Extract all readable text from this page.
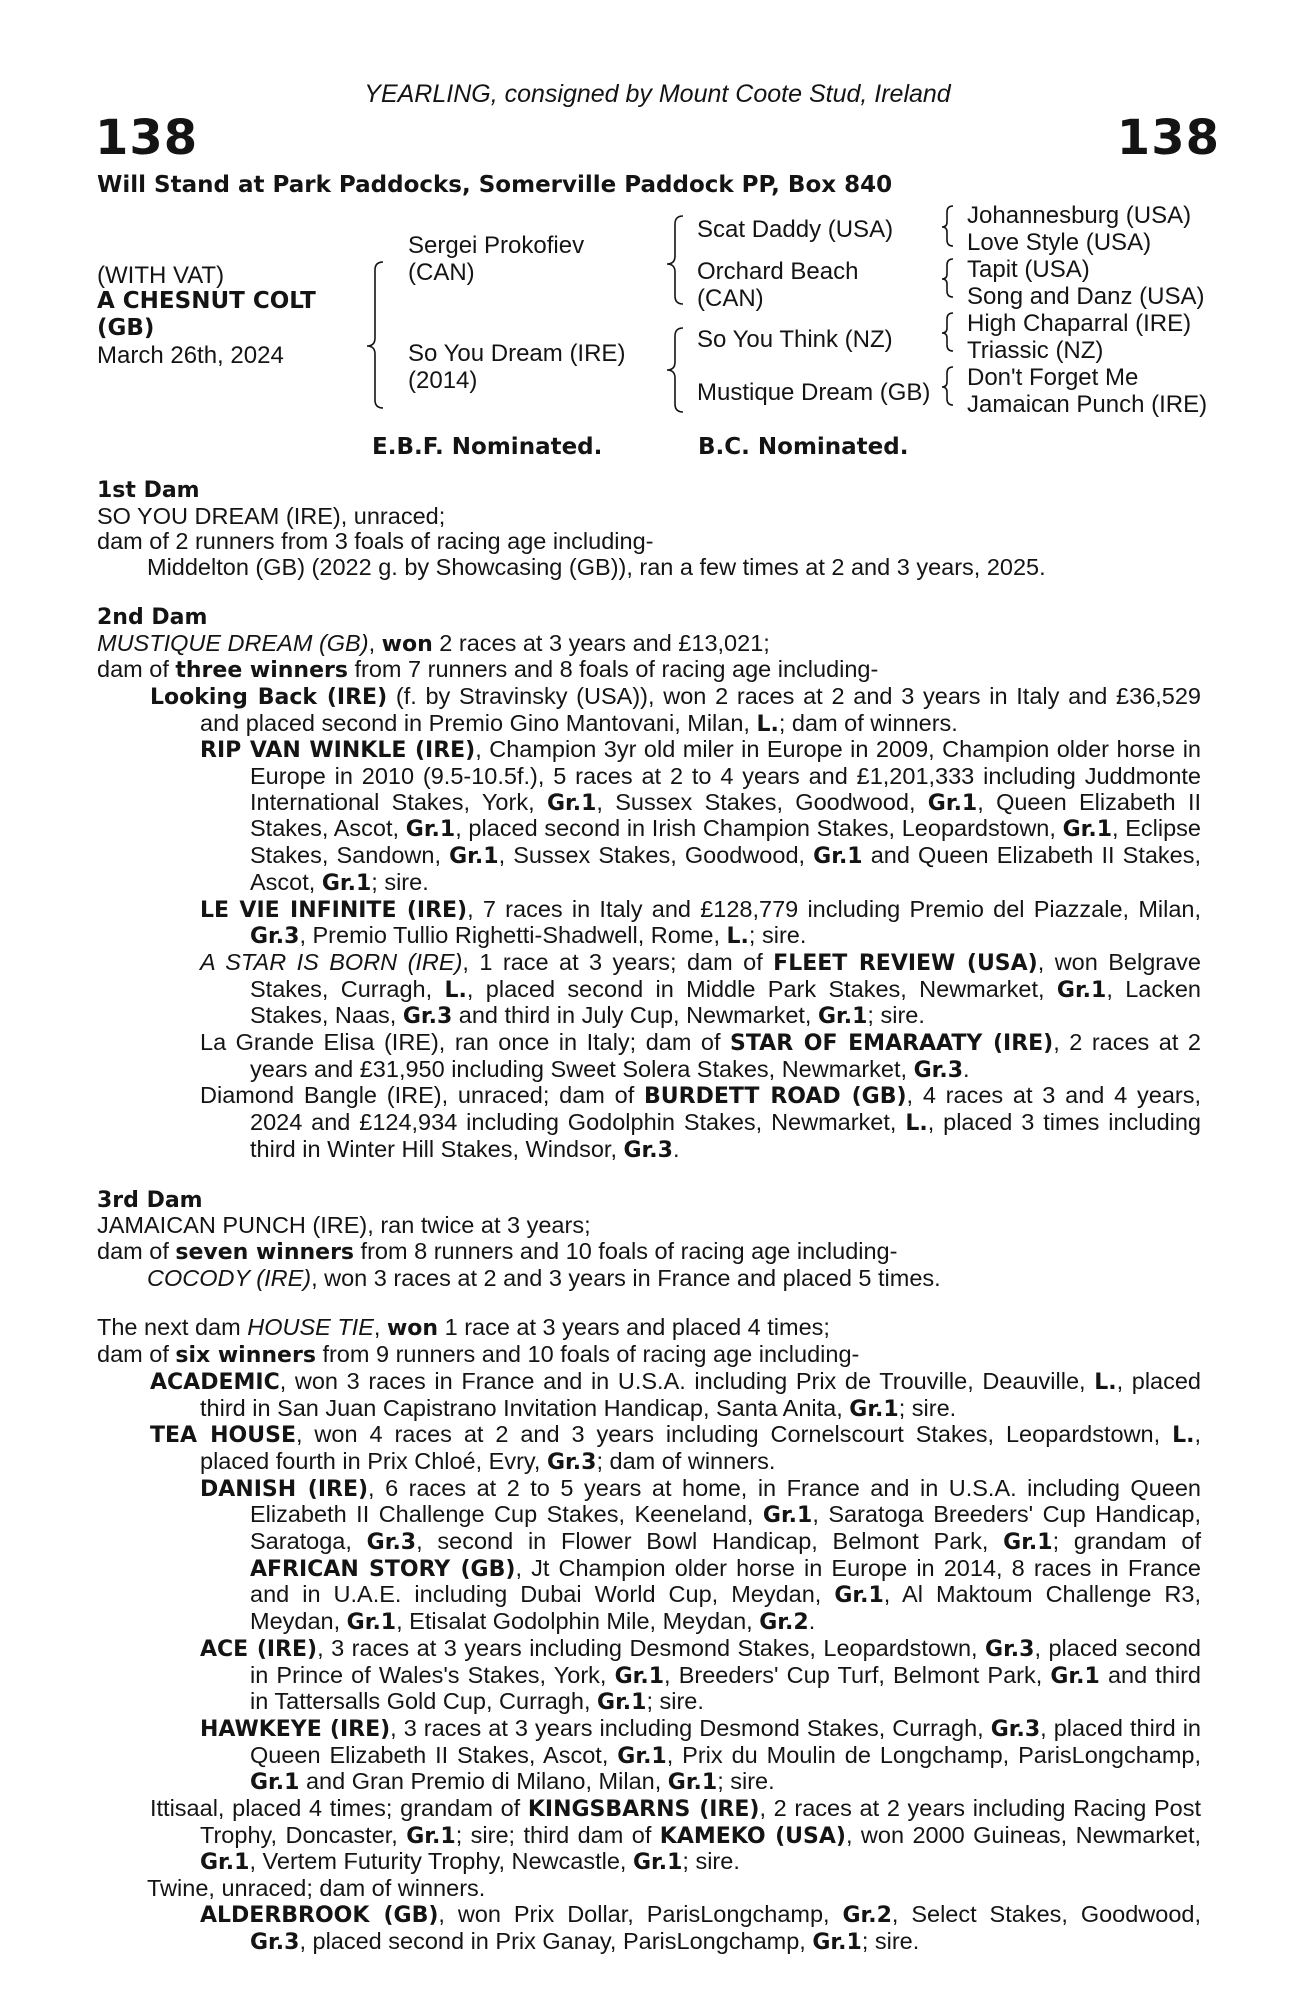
YEARLING, consigned by Mount Coote Stud, Ireland
138	138
Will Stand at Park Paddocks, Somerville Paddock PP, Box 840
(WITH VAT)
A CHESNUT COLT
(GB)
March 26th, 2024
Sergei Prokofiev
(CAN)
So You Dream (IRE)
(2014)
Scat Daddy (USA)
Orchard Beach
(CAN)
So You Think (NZ)
Mustique Dream (GB)
Johannesburg (USA)
Love Style (USA)
Tapit (USA)
Song and Danz (USA)
High Chaparral (IRE)
Triassic (NZ)
Don't Forget Me
Jamaican Punch (IRE)
E.B.F. Nominated.	B.C. Nominated.

1st Dam

SO YOU DREAM (IRE), unraced;

dam of 2 runners from 3 foals of racing age including-

Middelton (GB) (2022 g. by Showcasing (GB)), ran a few times at 2 and 3 years, 2025.

2nd Dam

MUSTIQUE DREAM (GB), won 2 races at 3 years and £13,021;

dam of three winners from 7 runners and 8 foals of racing age including-

Looking Back (IRE) (f. by Stravinsky (USA)), won 2 races at 2 and 3 years in Italy and £36,529 and placed second in Premio Gino Mantovani, Milan, L.; dam of winners.

RIP VAN WINKLE (IRE), Champion 3yr old miler in Europe in 2009, Champion older horse in Europe in 2010 (9.5-10.5f.), 5 races at 2 to 4 years and £1,201,333 including Juddmonte International Stakes, York, Gr.1, Sussex Stakes, Goodwood, Gr.1, Queen Elizabeth II Stakes, Ascot, Gr.1, placed second in Irish Champion Stakes, Leopardstown, Gr.1, Eclipse Stakes, Sandown, Gr.1, Sussex Stakes, Goodwood, Gr.1 and Queen Elizabeth II Stakes, Ascot, Gr.1; sire.

LE VIE INFINITE (IRE), 7 races in Italy and £128,779 including Premio del Piazzale, Milan, Gr.3, Premio Tullio Righetti-Shadwell, Rome, L.; sire.

A STAR IS BORN (IRE), 1 race at 3 years; dam of FLEET REVIEW (USA), won Belgrave Stakes, Curragh, L., placed second in Middle Park Stakes, Newmarket, Gr.1, Lacken Stakes, Naas, Gr.3 and third in July Cup, Newmarket, Gr.1; sire.

La Grande Elisa (IRE), ran once in Italy; dam of STAR OF EMARAATY (IRE), 2 races at 2 years and £31,950 including Sweet Solera Stakes, Newmarket, Gr.3.

Diamond Bangle (IRE), unraced; dam of BURDETT ROAD (GB), 4 races at 3 and 4 years, 2024 and £124,934 including Godolphin Stakes, Newmarket, L., placed 3 times including third in Winter Hill Stakes, Windsor, Gr.3.

3rd Dam

JAMAICAN PUNCH (IRE), ran twice at 3 years;

dam of seven winners from 8 runners and 10 foals of racing age including-

COCODY (IRE), won 3 races at 2 and 3 years in France and placed 5 times.

The next dam HOUSE TIE, won 1 race at 3 years and placed 4 times;

dam of six winners from 9 runners and 10 foals of racing age including-

ACADEMIC, won 3 races in France and in U.S.A. including Prix de Trouville, Deauville, L., placed third in San Juan Capistrano Invitation Handicap, Santa Anita, Gr.1; sire.

TEA HOUSE, won 4 races at 2 and 3 years including Cornelscourt Stakes, Leopardstown, L., placed fourth in Prix Chloé, Evry, Gr.3; dam of winners.

DANISH (IRE), 6 races at 2 to 5 years at home, in France and in U.S.A. including Queen Elizabeth II Challenge Cup Stakes, Keeneland, Gr.1, Saratoga Breeders' Cup Handicap, Saratoga, Gr.3, second in Flower Bowl Handicap, Belmont Park, Gr.1; grandam of AFRICAN STORY (GB), Jt Champion older horse in Europe in 2014, 8 races in France and in U.A.E. including Dubai World Cup, Meydan, Gr.1, Al Maktoum Challenge R3, Meydan, Gr.1, Etisalat Godolphin Mile, Meydan, Gr.2.

ACE (IRE), 3 races at 3 years including Desmond Stakes, Leopardstown, Gr.3, placed second in Prince of Wales's Stakes, York, Gr.1, Breeders' Cup Turf, Belmont Park, Gr.1 and third in Tattersalls Gold Cup, Curragh, Gr.1; sire.

HAWKEYE (IRE), 3 races at 3 years including Desmond Stakes, Curragh, Gr.3, placed third in Queen Elizabeth II Stakes, Ascot, Gr.1, Prix du Moulin de Longchamp, ParisLongchamp, Gr.1 and Gran Premio di Milano, Milan, Gr.1; sire.

Ittisaal, placed 4 times; grandam of KINGSBARNS (IRE), 2 races at 2 years including Racing Post Trophy, Doncaster, Gr.1; sire; third dam of KAMEKO (USA), won 2000 Guineas, Newmarket, Gr.1, Vertem Futurity Trophy, Newcastle, Gr.1; sire.

Twine, unraced; dam of winners.

ALDERBROOK (GB), won Prix Dollar, ParisLongchamp, Gr.2, Select Stakes, Goodwood, Gr.3, placed second in Prix Ganay, ParisLongchamp, Gr.1; sire.
